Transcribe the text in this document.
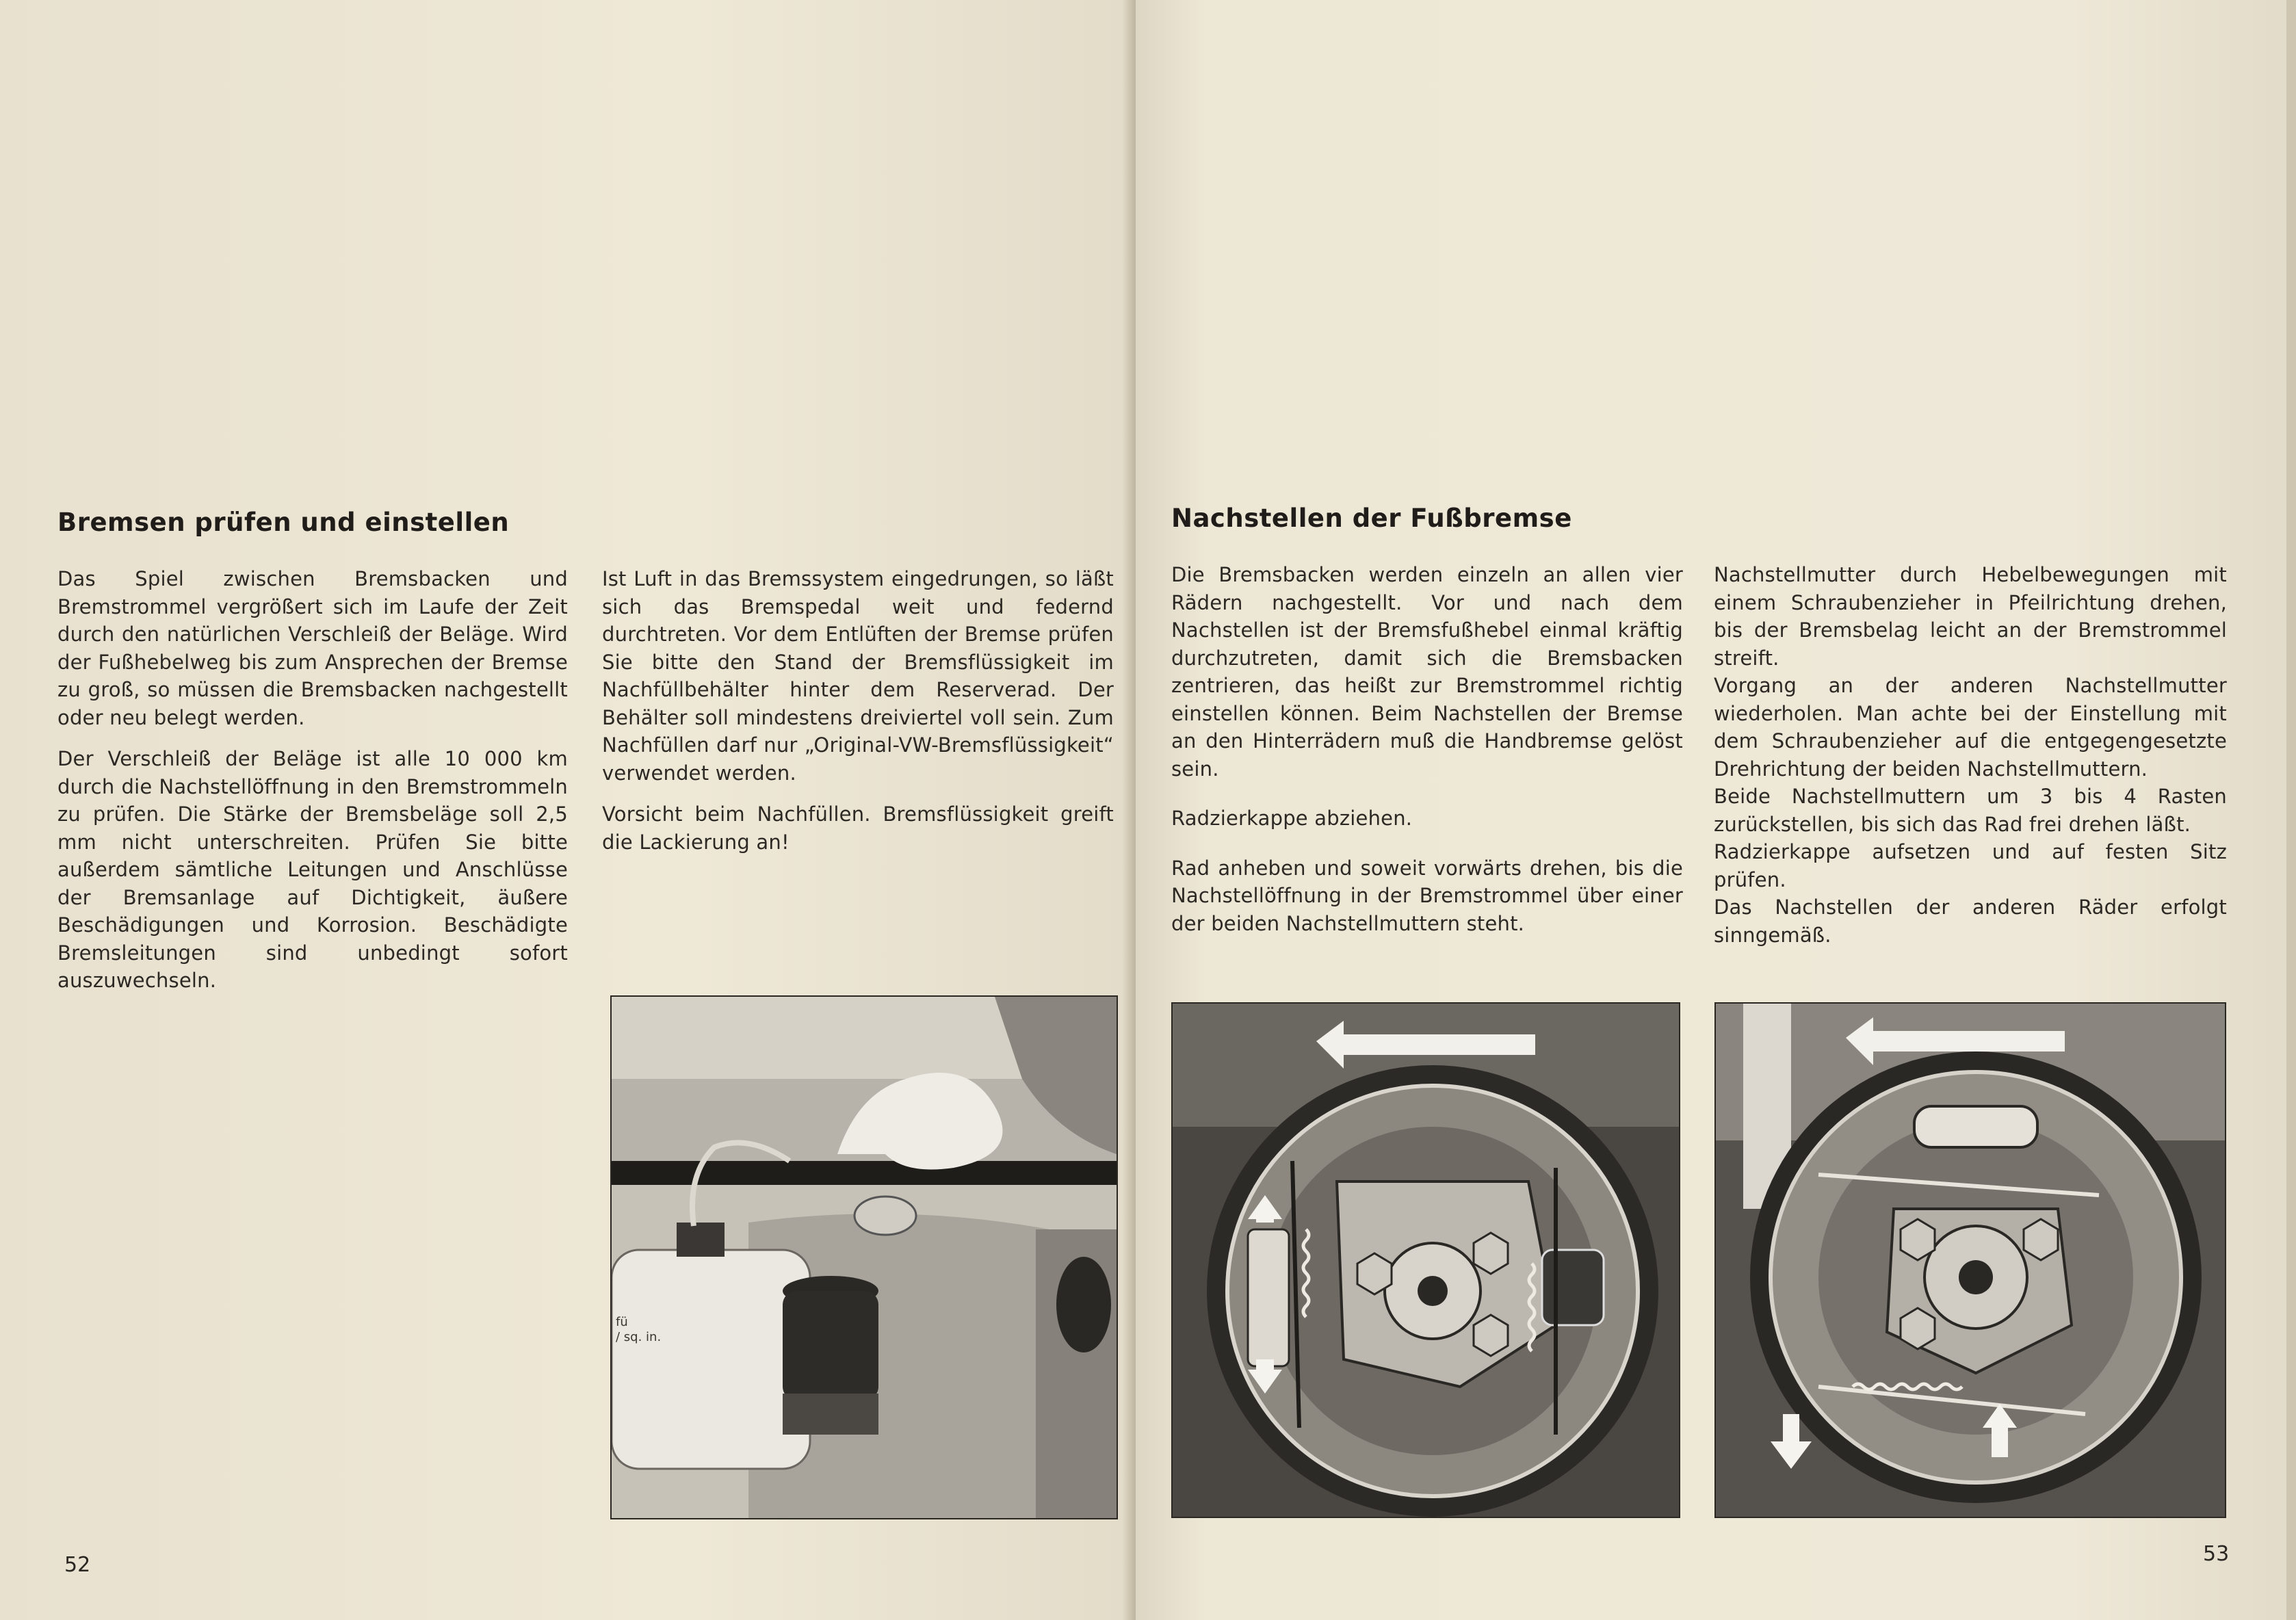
Bremsen prüfen und einstellen

Das Spiel zwischen Bremsbacken und Bremstrommel vergrößert sich im Laufe der Zeit durch den natürlichen Verschleiß der Beläge. Wird der Fußhebelweg bis zum Ansprechen der Bremse zu groß, so müssen die Bremsbacken nachgestellt oder neu belegt werden.

Der Verschleiß der Beläge ist alle 10 000 km durch die Nachstellöffnung in den Bremstrommeln zu prüfen. Die Stärke der Bremsbeläge soll 2,5 mm nicht unterschreiten. Prüfen Sie bitte außerdem sämtliche Leitungen und Anschlüsse der Bremsanlage auf Dichtigkeit, äußere Beschädigungen und Korrosion. Beschädigte Bremsleitungen sind unbedingt sofort auszuwechseln.

Ist Luft in das Bremssystem eingedrungen, so läßt sich das Bremspedal weit und federnd durchtreten. Vor dem Entlüften der Bremse prüfen Sie bitte den Stand der Bremsflüssigkeit im Nachfüllbehälter hinter dem Reserverad. Der Behälter soll mindestens dreiviertel voll sein. Zum Nachfüllen darf nur „Original-VW-Bremsflüssigkeit“ verwendet werden.

Vorsicht beim Nachfüllen. Bremsflüssigkeit greift die Lackierung an!

fü
/ sq. in.
52
Nachstellen der Fußbremse

Die Bremsbacken werden einzeln an allen vier Rädern nachgestellt. Vor und nach dem Nachstellen ist der Bremsfußhebel einmal kräftig durchzutreten, damit sich die Bremsbacken zentrieren, das heißt zur Bremstrommel richtig einstellen können. Beim Nachstellen der Bremse an den Hinterrädern muß die Handbremse gelöst sein.

Radzierkappe abziehen.

Rad anheben und soweit vorwärts drehen, bis die Nachstellöffnung in der Bremstrommel über einer der beiden Nachstellmuttern steht.

Nachstellmutter durch Hebelbewegungen mit einem Schraubenzieher in Pfeilrichtung drehen, bis der Bremsbelag leicht an der Bremstrommel streift.

Vorgang an der anderen Nachstellmutter wiederholen. Man achte bei der Einstellung mit dem Schraubenzieher auf die entgegengesetzte Drehrichtung der beiden Nachstellmuttern.

Beide Nachstellmuttern um 3 bis 4 Rasten zurückstellen, bis sich das Rad frei drehen läßt.

Radzierkappe aufsetzen und auf festen Sitz prüfen.

Das Nachstellen der anderen Räder erfolgt sinngemäß.

53
